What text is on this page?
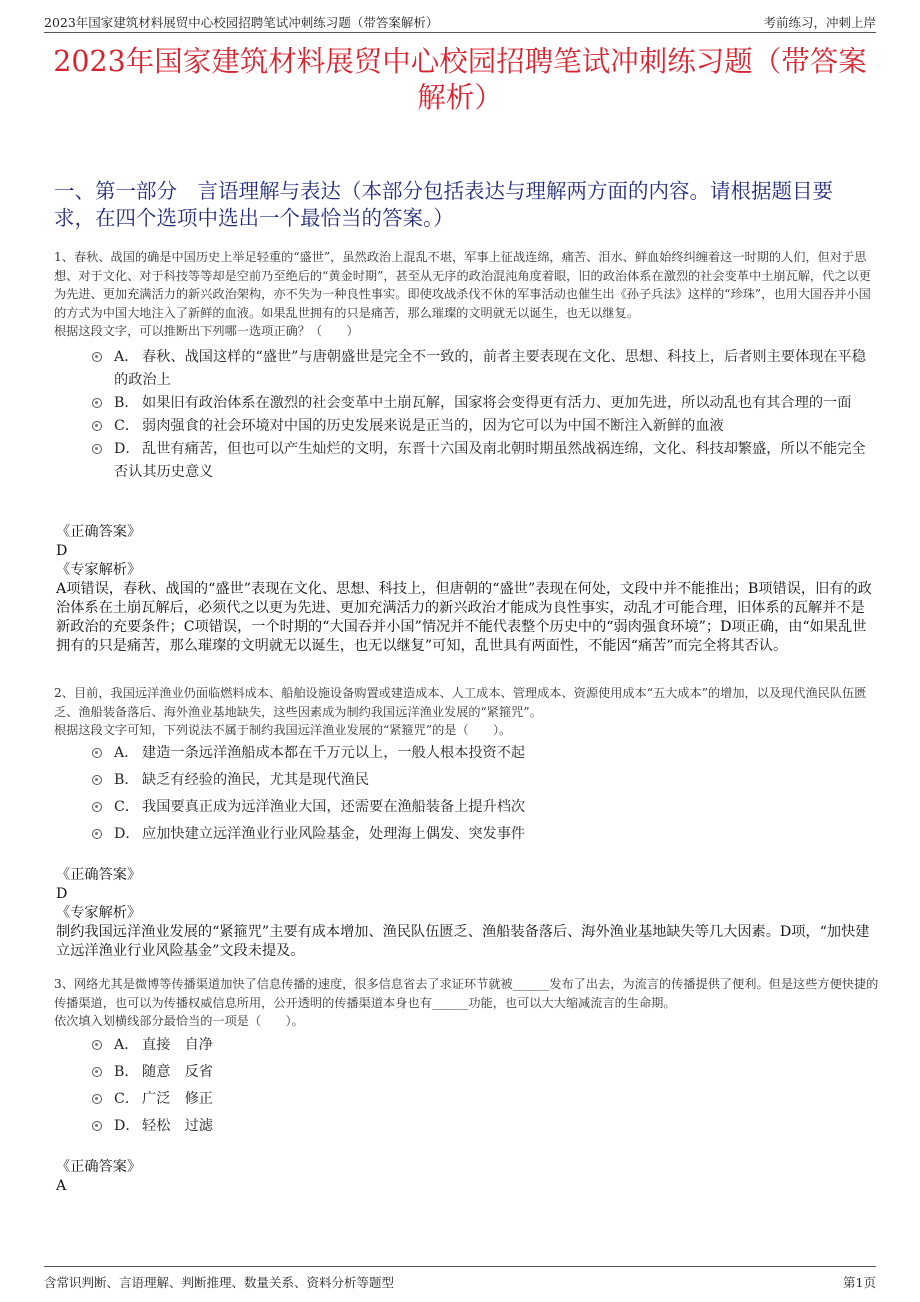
2023年国家建筑材料展贸中心校园招聘笔试冲刺练习题（带答案解析）	考前练习，冲刺上岸
2023年国家建筑材料展贸中心校园招聘笔试冲刺练习题（带答案解析）
一、第一部分　言语理解与表达（本部分包括表达与理解两方面的内容。请根据题目要求，在四个选项中选出一个最恰当的答案。）
1、春秋、战国的确是中国历史上举足轻重的“盛世”，虽然政治上混乱不堪，军事上征战连绵，痛苦、泪水、鲜血始终纠缠着这一时期的人们，但对于思想、对于文化、对于科技等等却是空前乃至绝后的“黄金时期”，甚至从无序的政治混沌角度着眼，旧的政治体系在激烈的社会变革中土崩瓦解，代之以更为先进、更加充满活力的新兴政治架构，亦不失为一种良性事实。即使攻战杀伐不休的军事活动也催生出《孙子兵法》这样的“珍珠”，也用大国吞并小国的方式为中国大地注入了新鲜的血液。如果乱世拥有的只是痛苦，那么璀璨的文明就无以诞生，也无以继复。
根据这段文字，可以推断出下列哪一选项正确？（　　）
A． 春秋、战国这样的“盛世”与唐朝盛世是完全不一致的，前者主要表现在文化、思想、科技上，后者则主要体现在平稳的政治上
B． 如果旧有政治体系在激烈的社会变革中土崩瓦解，国家将会变得更有活力、更加先进，所以动乱也有其合理的一面
C． 弱肉强食的社会环境对中国的历史发展来说是正当的，因为它可以为中国不断注入新鲜的血液
D． 乱世有痛苦，但也可以产生灿烂的文明，东晋十六国及南北朝时期虽然战祸连绵，文化、科技却繁盛，所以不能完全否认其历史意义
《正确答案》
D
《专家解析》
A项错误，春秋、战国的“盛世”表现在文化、思想、科技上，但唐朝的“盛世”表现在何处，文段中并不能推出；B项错误，旧有的政治体系在土崩瓦解后，必须代之以更为先进、更加充满活力的新兴政治才能成为良性事实，动乱才可能合理，旧体系的瓦解并不是新政治的充要条件；C项错误，一个时期的“大国吞并小国”情况并不能代表整个历史中的“弱肉强食环境”；D项正确，由“如果乱世拥有的只是痛苦，那么璀璨的文明就无以诞生，也无以继复”可知，乱世具有两面性，不能因“痛苦”而完全将其否认。
2、目前，我国远洋渔业仍面临燃料成本、船舶设施设备购置或建造成本、人工成本、管理成本、资源使用成本“五大成本”的增加，以及现代渔民队伍匮乏、渔船装备落后、海外渔业基地缺失，这些因素成为制约我国远洋渔业发展的“紧箍咒”。
根据这段文字可知，下列说法不属于制约我国远洋渔业发展的“紧箍咒”的是（　　）。
A． 建造一条远洋渔船成本都在千万元以上，一般人根本投资不起
B． 缺乏有经验的渔民，尤其是现代渔民
C． 我国要真正成为远洋渔业大国，还需要在渔船装备上提升档次
D． 应加快建立远洋渔业行业风险基金，处理海上偶发、突发事件
《正确答案》
D
《专家解析》
制约我国远洋渔业发展的“紧箍咒”主要有成本增加、渔民队伍匮乏、渔船装备落后、海外渔业基地缺失等几大因素。D项，“加快建立远洋渔业行业风险基金”文段未提及。
3、网络尤其是微博等传播渠道加快了信息传播的速度，很多信息省去了求证环节就被______发布了出去，为流言的传播提供了便利。但是这些方便快捷的传播渠道，也可以为传播权威信息所用，公开透明的传播渠道本身也有______功能，也可以大大缩减流言的生命期。
依次填入划横线部分最恰当的一项是（　　）。
A． 直接　自净
B． 随意　反省
C． 广泛　修正
D． 轻松　过滤
《正确答案》
A
含常识判断、言语理解、判断推理、数量关系、资料分析等题型	第1页
